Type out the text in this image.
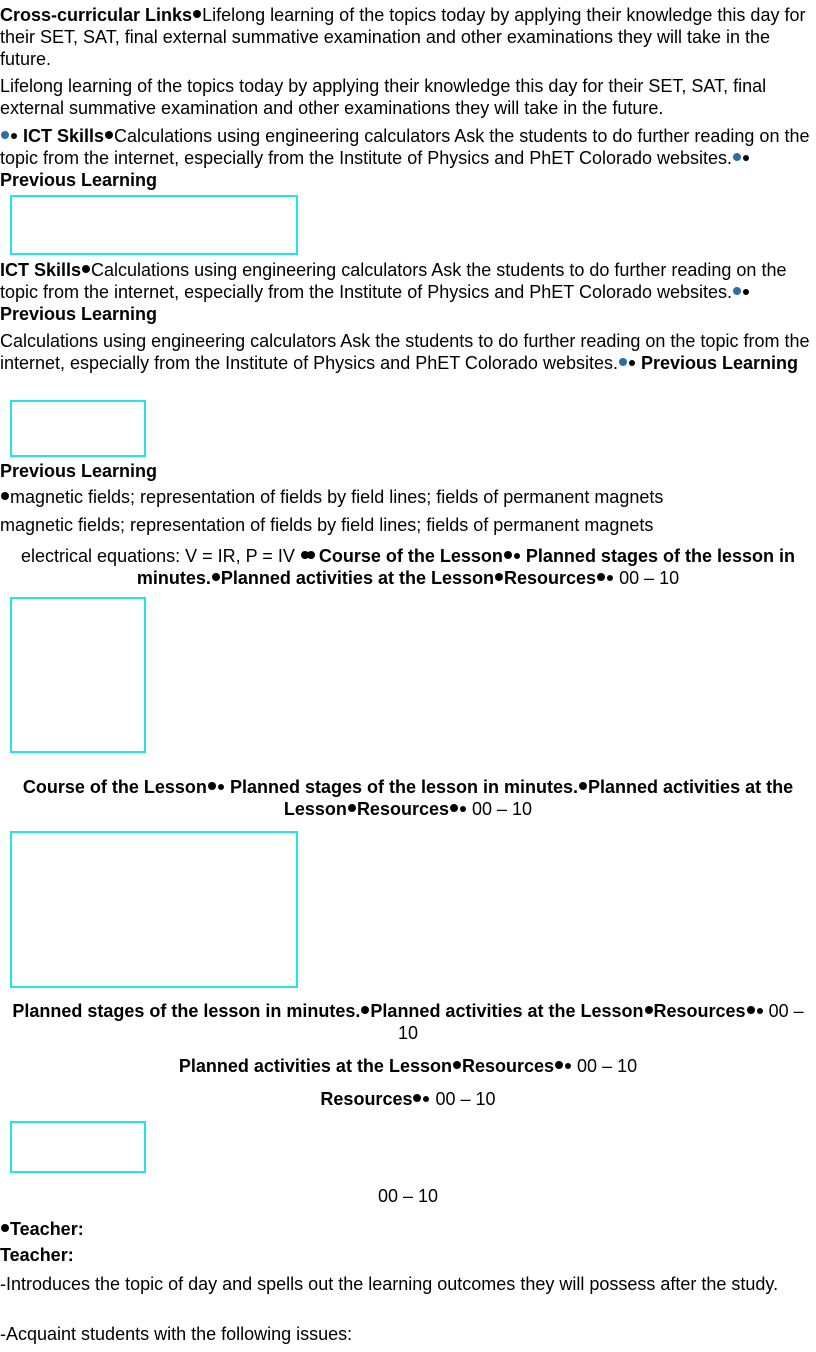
Cross-curricular Links Lifelong learning of the topics today by applying their knowledge this day for their SET, SAT, final external summative examination and other examinations they will take in the future.
Lifelong learning of the topics today by applying their knowledge this day for their SET, SAT, final external summative examination and other examinations they will take in the future.
ICT Skills Calculations using engineering calculators Ask the students to do further reading on the topic from the internet, especially from the Institute of Physics and PhET Colorado websites. Previous Learning
ICT Skills Calculations using engineering calculators Ask the students to do further reading on the topic from the internet, especially from the Institute of Physics and PhET Colorado websites. Previous Learning
Calculations using engineering calculators Ask the students to do further reading on the topic from the internet, especially from the Institute of Physics and PhET Colorado websites. Previous Learning
Previous Learning
magnetic fields; representation of fields by field lines; fields of permanent magnets
magnetic fields; representation of fields by field lines; fields of permanent magnets
electrical equations: V = IR, P = IV Course of the Lesson Planned stages of the lesson in minutes. Planned activities at the Lesson Resources 00 – 10
Course of the Lesson Planned stages of the lesson in minutes. Planned activities at the Lesson Resources 00 – 10
Planned stages of the lesson in minutes. Planned activities at the Lesson Resources 00 – 10
Planned activities at the Lesson Resources 00 – 10
Resources 00 – 10
00 – 10
Teacher:
Teacher:
-Introduces the topic of day and spells out the learning outcomes they will possess after the study.
-Acquaint students with the following issues:
